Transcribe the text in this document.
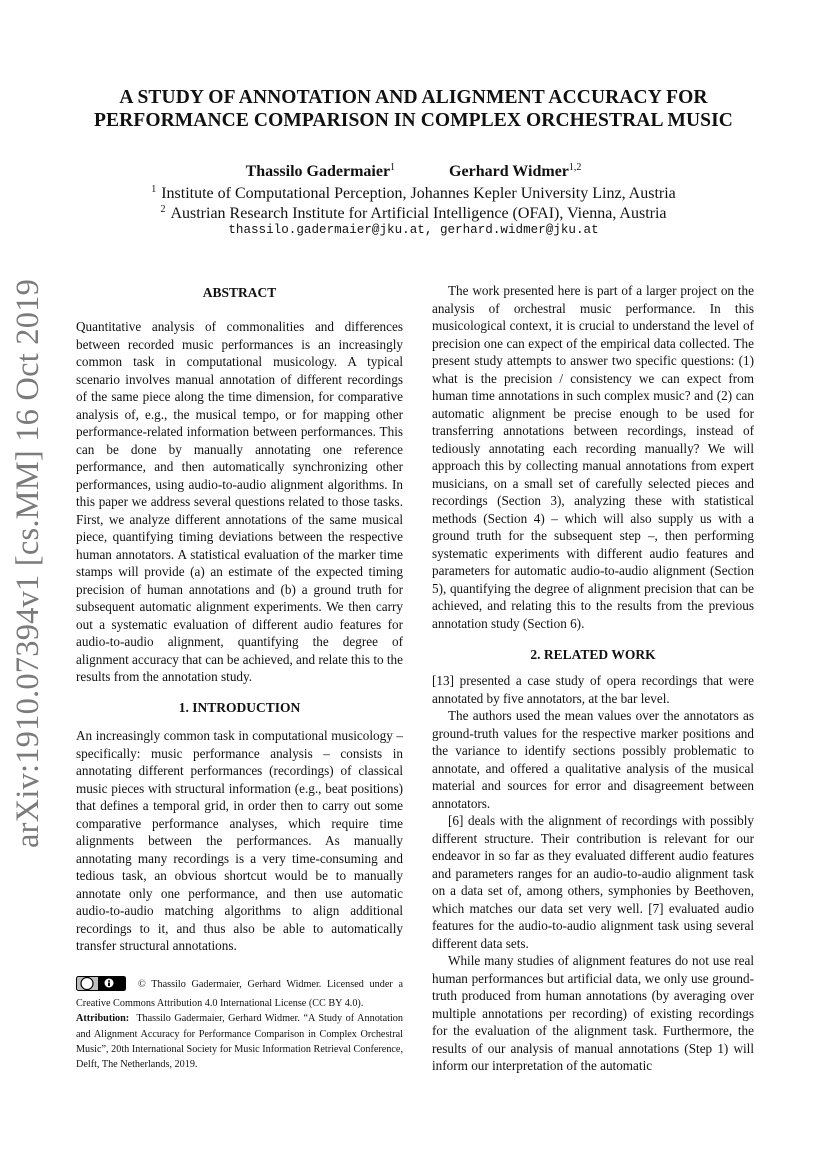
arXiv:1910.07394v1 [cs.MM] 16 Oct 2019
A STUDY OF ANNOTATION AND ALIGNMENT ACCURACY FOR
PERFORMANCE COMPARISON IN COMPLEX ORCHESTRAL MUSIC
Thassilo Gadermaier$^1$	Gerhard Widmer$^{1,2}$
$^1$ Institute of Computational Perception, Johannes Kepler University Linz, Austria
$^2$ Austrian Research Institute for Artificial Intelligence (OFAI), Vienna, Austria
thassilo.gadermaier@jku.at, gerhard.widmer@jku.at
ABSTRACT

Quantitative analysis of commonalities and differences between recorded music performances is an increasingly common task in computational musicology. A typical scenario involves manual annotation of different recordings of the same piece along the time dimension, for comparative analysis of, e.g., the musical tempo, or for mapping other performance-related information between performances. This can be done by manually annotating one reference performance, and then automatically synchronizing other performances, using audio-to-audio alignment algorithms. In this paper we address several questions related to those tasks. First, we analyze different annotations of the same musical piece, quantifying timing deviations between the respective human annotators. A statistical evaluation of the marker time stamps will provide (a) an estimate of the expected timing precision of human annotations and (b) a ground truth for subsequent automatic alignment experiments. We then carry out a systematic evaluation of different audio features for audio-to-audio alignment, quantifying the degree of alignment accuracy that can be achieved, and relate this to the results from the annotation study.

1. INTRODUCTION

An increasingly common task in computational musicology – specifically: music performance analysis – consists in annotating different performances (recordings) of classical music pieces with structural information (e.g., beat positions) that defines a temporal grid, in order then to carry out some comparative performance analyses, which require time alignments between the performances. As manually annotating many recordings is a very time-consuming and tedious task, an obvious shortcut would be to manually annotate only one performance, and then use automatic audio-to-audio matching algorithms to align additional recordings to it, and thus also be able to automatically transfer structural annotations.

© Thassilo Gadermaier, Gerhard Widmer. Licensed under a Creative Commons Attribution 4.0 International License (CC BY 4.0).
Attribution: Thassilo Gadermaier, Gerhard Widmer. “A Study of Annotation and Alignment Accuracy for Performance Comparison in Complex Orchestral Music”, 20th International Society for Music Information Retrieval Conference, Delft, The Netherlands, 2019.

The work presented here is part of a larger project on the analysis of orchestral music performance. In this musicological context, it is crucial to understand the level of precision one can expect of the empirical data collected. The present study attempts to answer two specific questions: (1) what is the precision / consistency we can expect from human time annotations in such complex music? and (2) can automatic alignment be precise enough to be used for transferring annotations between recordings, instead of tediously annotating each recording manually? We will approach this by collecting manual annotations from expert musicians, on a small set of carefully selected pieces and recordings (Section 3), analyzing these with statistical methods (Section 4) – which will also supply us with a ground truth for the subsequent step –, then performing systematic experiments with different audio features and parameters for automatic audio-to-audio alignment (Section 5), quantifying the degree of alignment precision that can be achieved, and relating this to the results from the previous annotation study (Section 6).

2. RELATED WORK

[13] presented a case study of opera recordings that were annotated by five annotators, at the bar level.

The authors used the mean values over the annotators as ground-truth values for the respective marker positions and the variance to identify sections possibly problematic to annotate, and offered a qualitative analysis of the musical material and sources for error and disagreement between annotators.

[6] deals with the alignment of recordings with possibly different structure. Their contribution is relevant for our endeavor in so far as they evaluated different audio features and parameters ranges for an audio-to-audio alignment task on a data set of, among others, symphonies by Beethoven, which matches our data set very well. [7] evaluated audio features for the audio-to-audio alignment task using several different data sets.

While many studies of alignment features do not use real human performances but artificial data, we only use ground-truth produced from human annotations (by averaging over multiple annotations per recording) of existing recordings for the evaluation of the alignment task. Furthermore, the results of our analysis of manual annotations (Step 1) will inform our interpretation of the automatic
